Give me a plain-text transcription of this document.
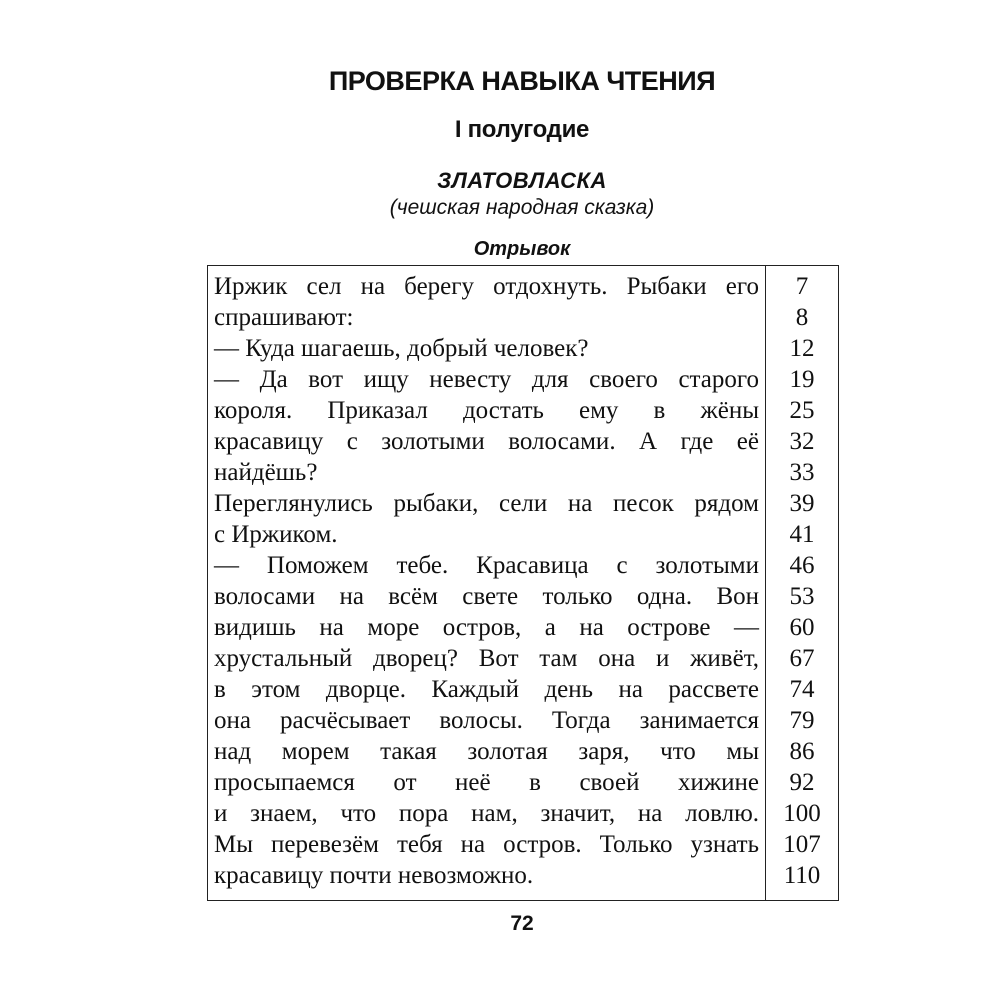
ПРОВЕРКА НАВЫКА ЧТЕНИЯ
I полугодие
ЗЛАТОВЛАСКА
(чешская народная сказка)
Отрывок
Иржик сел на берегу отдохнуть. Рыбаки его	7
спрашивают:	8
— Куда шагаешь, добрый человек?	12
— Да вот ищу невесту для своего старого	19
короля. Приказал достать ему в жёны	25
красавицу с золотыми волосами. А где её	32
найдёшь?	33
Переглянулись рыбаки, сели на песок рядом	39
с Иржиком.	41
— Поможем тебе. Красавица с золотыми	46
волосами на всём свете только одна. Вон	53
видишь на море остров, а на острове —	60
хрустальный дворец? Вот там она и живёт,	67
в этом дворце. Каждый день на рассвете	74
она расчёсывает волосы. Тогда занимается	79
над морем такая золотая заря, что мы	86
просыпаемся от неё в своей хижине	92
и знаем, что пора нам, значит, на ловлю. 100
Мы перевезём тебя на остров. Только узнать 107
красавицу почти невозможно.	110
72
